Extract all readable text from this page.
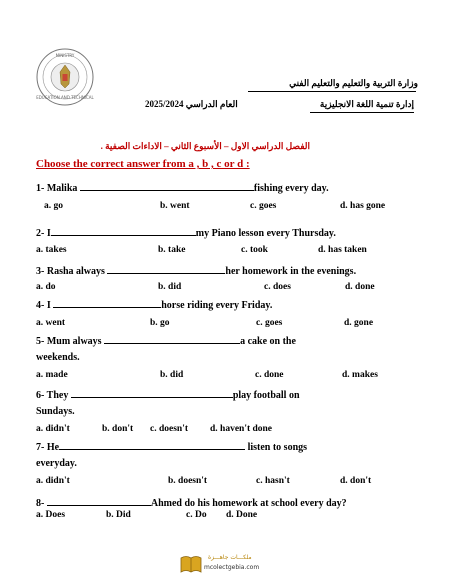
EDUCATION AND TECHNICAL
MINISTRY
وزارة التربية والتعليم والتعليم الفني
إدارة تنمية اللغة الانجليزية
العام الدراسي 2025/2024
الفصل الدراسي الاول – الأسبوع الثاني – الاداءات الصفية .
Choose the correct answer from a , b , c or d :
1- Malika	fishing every day.
a. go	b. went	c. goes	d. has gone
2- I	my Piano lesson every Thursday.
a. takes	b. take	c. took	d. has taken
3- Rasha always	her homework in the evenings.
a. do	b. did	c. does	d. done
4- I	horse riding every Friday.
a. went	b. go	c. goes	d. gone
5- Mum always	a cake on the
weekends.
a. made	b. did	c. done	d. makes
6- They	play football on
Sundays.
a. didn't	b. don't c. doesn't d. haven't done
7- He	listen to songs
everyday.
a. didn't	b. doesn't	c. hasn't	d. don't
8-	Ahmed do his homework at school every day?
a. Does	b. Did	c. Do d. Done
ملكـــات جاهـــزة
mcolectgebia.com
